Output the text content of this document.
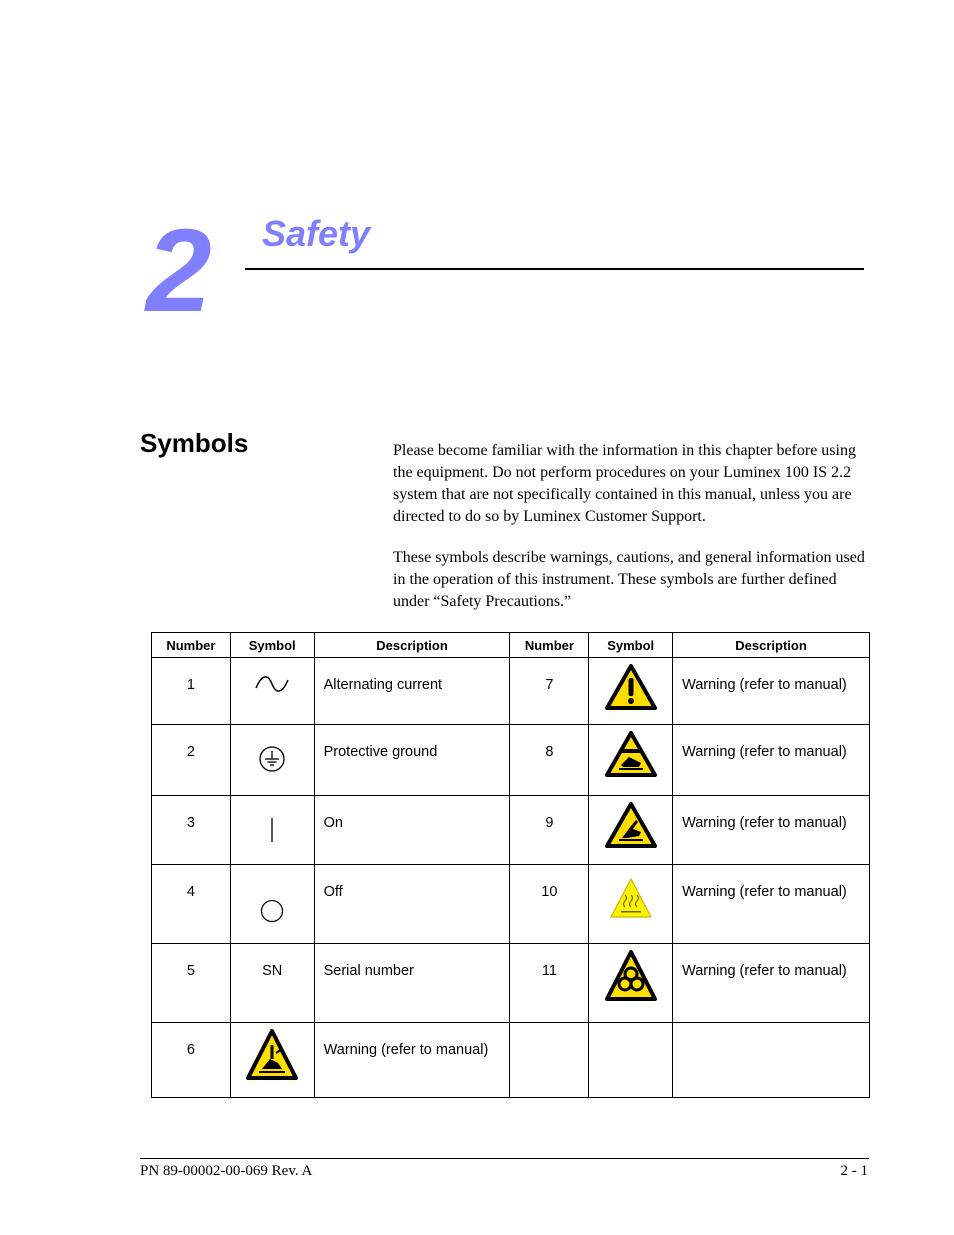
2 Safety
Symbols	Please become familiar with the information in this chapter before using the equipment. Do not perform procedures on your Luminex 100 IS 2.2 system that are not specifically contained in this manual, unless you are directed to do so by Luminex Customer Support.

These symbols describe warnings, cautions, and general information used in the operation of this instrument. These symbols are further defined under “Safety Precautions.”

Number	Symbol	Description	Number	Symbol	Description
1		Alternating current	7		Warning (refer to manual)
2		Protective ground	8		Warning (refer to manual)
3		On	9		Warning (refer to manual)
4		Off	10		Warning (refer to manual)
5	SN	Serial number	11		Warning (refer to manual)
6		Warning (refer to manual)			
PN 89-00002-00-069 Rev. A	2 - 1
